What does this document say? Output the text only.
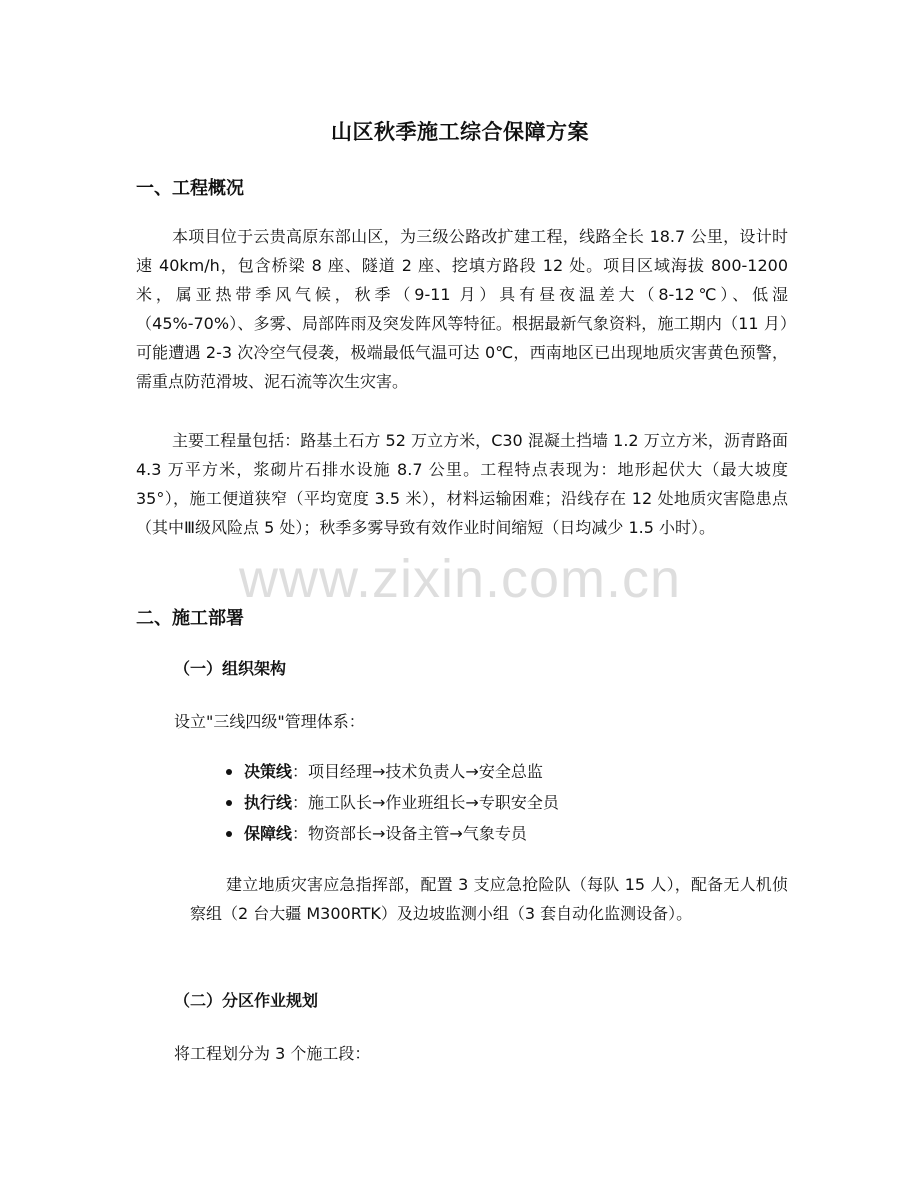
山区秋季施工综合保障方案
一、工程概况

本项目位于云贵高原东部山区，为三级公路改扩建工程，线路全长 18.7 公里，设计时速 40km/h，包含桥梁 8 座、隧道 2 座、挖填方路段 12 处。项目区域海拔 800-1200 米，属亚热带季风气候，秋季（9-11 月）具有昼夜温差大（8-12℃）、低湿（45%-70%）、多雾、局部阵雨及突发阵风等特征。根据最新气象资料，施工期内（11 月）可能遭遇 2-3 次冷空气侵袭，极端最低气温可达 0℃，西南地区已出现地质灾害黄色预警，需重点防范滑坡、泥石流等次生灾害。

主要工程量包括：路基土石方 52 万立方米，C30 混凝土挡墙 1.2 万立方米，沥青路面 4.3 万平方米，浆砌片石排水设施 8.7 公里。工程特点表现为：地形起伏大（最大坡度 35°），施工便道狭窄（平均宽度 3.5 米），材料运输困难；沿线存在 12 处地质灾害隐患点（其中Ⅲ级风险点 5 处）；秋季多雾导致有效作业时间缩短（日均减少 1.5 小时）。

二、施工部署
（一）组织架构
设立"三线四级"管理体系：
决策线：项目经理→技术负责人→安全总监
执行线：施工队长→作业班组长→专职安全员
保障线：物资部长→设备主管→气象专员

建立地质灾害应急指挥部，配置 3 支应急抢险队（每队 15 人），配备无人机侦察组（2 台大疆 M300RTK）及边坡监测小组（3 套自动化监测设备）。

（二）分区作业规划
将工程划分为 3 个施工段：
www.zixin.com.cn
